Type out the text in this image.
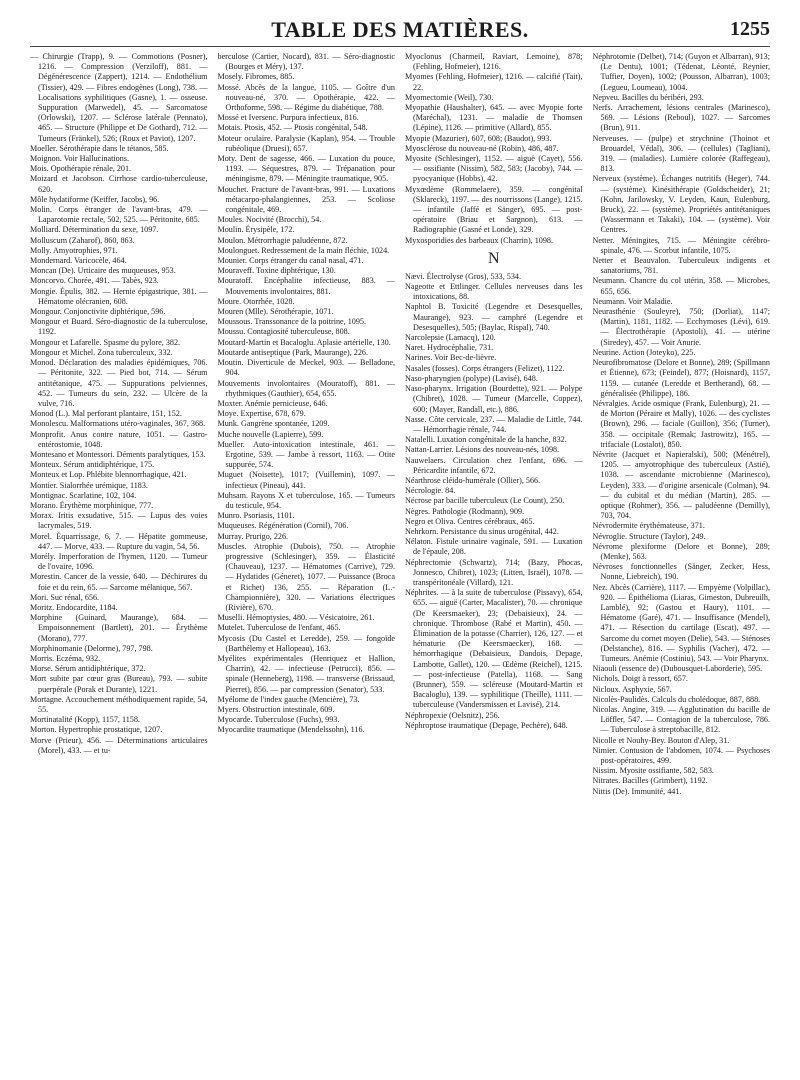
TABLE DES MATIÈRES.	1255

— Chirurgie (Trapp), 9. — Commotions (Posner), 1216. — Compression (Verziloff), 881. — Dégénérescence (Zappert), 1214. — Endothélium (Tissier), 429. — Fibres endogènes (Long), 738. — Localisations syphilitiques (Gasne), 1. — osseuse. Suppuration (Marwedel), 45. — Sarcomatose (Orlowski), 1207. — Sclérose latérale (Pennato), 465. — Structure (Philippe et De Gothard), 712. — Tumeurs (Fränkel), 526; (Roux et Paviot), 1207.

Moeller. Sérothérapie dans le tétanos, 585.

Moignon. Voir Hallucinations.

Mois. Opothérapie rénale, 201.

Moizard et Jacobson. Cirrhose cardio-tuberculeuse, 620.

Môle hydatiforme (Keiffer, Jacobs), 96.

Molin. Corps étranger de l'avant-bras, 479. — Laparotomie rectale, 502, 525. — Péritonite, 685.

Molliard. Détermination du sexe, 1097.

Molluscum (Zaharof), 860, 863.

Molly. Amyotrophies, 971.

Mondernard. Varicocèle, 464.

Moncan (De). Urticaire des muqueuses, 953.

Moncorvo. Chorée, 491. — Tabès, 923.

Mongie. Épulis, 382. — Hernie épigastrique, 381. — Hématome olécranien, 608.

Mongour. Conjonctivite diphtérique, 596.

Mongour et Buard. Séro-diagnostic de la tuberculose, 1192.

Mongour et Lafarelle. Spasme du pylore, 382.

Mongour et Michel. Zona tuberculeux, 332.

Monod. Déclaration des maladies épidémiques, 706. — Péritonite, 322. — Pied bot, 714. — Sérum antitétanique, 475. — Suppurations pelviennes, 452. — Tumeurs du sein, 232. — Ulcère de la vulve, 716.

Monod (L.). Mal perforant plantaire, 151, 152.

Monolescu. Malformations utéro-vaginales, 367, 368.

Monprofit. Anus contre nature, 1051. — Gastro-entérostomie, 1048.

Montesano et Montessori. Déments paralytiques, 153.

Monteux. Sérum antidiphtérique, 175.

Monteux et Lop. Phlébite blennorrhagique, 421.

Montier. Sialorrhée urémique, 1183.

Montignac. Scarlatine, 102, 104.

Morano. Érythème morphinique, 777.

Morax. Iritis exsudative, 515. — Lupus des voies lacrymales, 519.

Morel. Équarrissage, 6, 7. — Hépatite gommeuse, 447. — Morve, 433. — Rupture du vagin, 54, 56.

Morély. Imperforation de l'hymen, 1120. — Tumeur de l'ovaire, 1096.

Morestin. Cancer de la vessie, 640. — Déchirures du foie et du rein, 65. — Sarcome mélanique, 567.

Mori. Suc rénal, 656.

Moritz. Endocardite, 1184.

Morphine (Guinard, Maurange), 684. — Empoisonnement (Bartlett), 201. — Érythème (Morano), 777.

Morphinomanie (Delorme), 797, 798.

Morris. Eczéma, 932.

Morse. Sérum antidiphtérique, 372.

Mort subite par cœur gras (Bureau), 793. — subite puerpérale (Porak et Durante), 1221.

Mortagne. Accouchement méthodiquement rapide, 54, 55.

Mortinatalité (Kopp), 1157, 1158.

Morton. Hypertrophie prostatique, 1207.

Morve (Prieur), 456. — Déterminations articulaires (Morel), 433. — et tu-

berculose (Cartier, Nocard), 831. — Séro-diagnostic (Bourges et Méry), 137.

Mosely. Fibromes, 885.

Mossé. Abcès de la langue, 1105. — Goître d'un nouveau-né, 370. — Opothérapie, 422. — Orthoforme, 598. — Régime du diabétique, 788.

Mossé et Iversenc. Purpura infectieux, 816.

Motais. Ptosis, 452. — Ptosis congénital, 548.

Moteur oculaire. Paralysie (Kaplan), 954. — Trouble rubéolique (Druesi), 657.

Moty. Dent de sagesse, 466. — Luxation du pouce, 1193. — Séquestres, 879. — Trépanation pour méningisme, 879. — Méningite traumatique, 905.

Mouchet. Fracture de l'avant-bras, 991. — Luxations métacarpo-phalangiennes, 253. — Scoliose congénitale, 469.

Moules. Nocivité (Brocchi), 54.

Moulin. Érysipèle, 172.

Moulon. Métrorrhagie paludéenne, 872.

Moulonguet. Redressement de la main fléchie, 1024.

Mounier. Corps étranger du canal nasal, 471.

Mouraveff. Toxine diphtérique, 130.

Mouratoff. Encéphalite infectieuse, 883. — Mouvements involontaires, 881.

Moure. Otorrhée, 1028.

Mouren (Mlle). Sérothérapie, 1071.

Moussous. Transsonance de la poitrine, 1095.

Moussu. Contagiosité tuberculeuse, 808.

Moutard-Martin et Bacaloglu. Aplasie artérielle, 130.

Moutarde antiseptique (Park, Maurange), 226.

Moutin. Diverticule de Meckel, 903. — Belladone, 904.

Mouvements involontaires (Mouratoff), 881. — rhythmiques (Gauthier), 654, 655.

Moxter. Anémie pernicieuse, 646.

Moye. Expertise, 678, 679.

Munk. Gangrène spontanée, 1209.

Muche nouvelle (Lapierre), 599.

Mueller. Auto-intoxication intestinale, 461. — Ergotine, 539. — Jambe à ressort, 1163. — Otite suppurée, 574.

Muguet (Noisette), 1017; (Vuillemin), 1097. — infectieux (Pineau), 441.

Muhsam. Rayons X et tuberculose, 165. — Tumeurs du testicule, 954.

Munro. Psoriasis, 1101.

Muqueuses. Régénération (Cornil), 706.

Murray. Prurigo, 226.

Muscles. Atrophie (Dubois), 750. — Atrophie progressive (Schlesinger), 359. — Élasticité (Chauveau), 1237. — Hématomes (Carrive), 729. — Hydatides (Géneret), 1077. — Puissance (Broca et Richet) 136, 255. — Réparation (L.-Championnière), 320. — Variations électriques (Rivière), 670.

Muselli. Hémoptysies, 480. — Vésicatoire, 261.

Mutelet. Tuberculose de l'enfant, 465.

Mycosis (Du Castel et Leredde), 259. — fongoïde (Barthélemy et Hallopeau), 163.

Myélites expérimentales (Henriquez et Hallion, Charrin), 42. — infectieuse (Petrucci), 856. — spinale (Henneberg), 1198. — transverse (Brissaud, Pierret), 856. — par compression (Senator), 533.

Myélome de l'index gauche (Mencière), 73.

Myers. Obstruction intestinale, 609.

Myocarde. Tuberculose (Fuchs), 993.

Myocardite traumatique (Mendelssohn), 116.

Myoclonus (Charmeil, Raviart, Lemoine), 878; (Fehling, Hofmeier), 1216.

Myomes (Fehling, Hofmeier), 1216. — calcifié (Tait), 22.

Myomectomie (Weil), 730.

Myopathie (Haushalter), 645. — avec Myopie forte (Maréchal), 1231. — maladie de Thomsen (Lépine), 1126. — primitive (Allard), 855.

Myopie (Mazurier), 607, 608; (Baudot), 993.

Myosclérose du nouveau-né (Robin), 486, 487.

Myosite (Schlesinger), 1152. — aiguë (Cayet), 556. — ossifiante (Nissim), 582, 583; (Jacoby), 744. — pyocyanique (Hobbs), 42.

Myxœdème (Rommelaere), 359. — congénital (Sklareck), 1197. — des nourrissons (Lange), 1215. — infantile (Jaffé et Sänger), 695. — post-opératoire (Briau et Sargnon), 613. — Radiographie (Gasné et Londe), 329.

Myxosporidies des barbeaux (Charrin), 1098.

N

Nævi. Électrolyse (Gros), 533, 534.

Nageotte et Ettlinger. Cellules nerveuses dans les intoxications, 88.

Naphtol B. Toxicité (Legendre et Desesquelles, Maurange), 923. — camphré (Legendre et Desesquelles), 505; (Baylac, Rispal), 740.

Narcolepsie (Lamacq), 120.

Naret. Hydrocéphalie, 731.

Narines. Voir Bec-de-lièvre.

Nasales (fosses). Corps étrangers (Felizet), 1122.

Naso-pharyngien (polype) (Lavisé), 648.

Naso-pharynx. Irrigation (Bourdette), 921. — Polype (Chibret), 1028. — Tumeur (Marcelle, Coppez), 600; (Mayer, Randall, etc.), 886.

Nasse. Côte cervicale, 237. — Maladie de Little, 744. — Hémorrhagie rénale, 744.

Natalelli. Luxation congénitale de la hanche, 832.

Nattan-Larrier. Lésions des nouveau-nés, 1098.

Nauwelaers. Circulation chez l'enfant, 696. — Péricardite infantile, 672.

Néarthrose cléido-humérale (Ollier), 566.

Nécrologie. 84.

Nécrose par bacille tuberculeux (Le Count), 250.

Nègres. Pathologie (Rodmann), 909.

Negro et Oliva. Centres cérébraux, 465.

Nehrkorn. Persistance du sinus urogénital, 442.

Nélaton. Fistule urinaire vaginale, 591. — Luxation de l'épaule, 208.

Néphrectomie (Schwartz), 714; (Bazy, Phocas, Jonnesco, Chibret), 1023; (Litten, Israël), 1078. — transpéritonéale (Villard), 121.

Néphrites. — à la suite de tuberculose (Pissavy), 654, 655. — aiguë (Carter, Macalister), 70. — chronique (De Keersmaeker), 23; (Debaisieux), 24. — chronique. Thrombose (Rabé et Martin), 450. — Élimination de la potasse (Charrier), 126, 127. — et hématurie (De Keersmaecker), 168. — hémorrhagique (Debaisieux, Dandois, Depage, Lambotte, Gallet), 120. — Œdème (Reichel), 1215. — post-infectieuse (Patella), 1168. — Sang (Brunner), 559. — scléreuse (Moutard-Martin et Bacaloglu), 139. — syphilitique (Theille), 1111. — tuberculeuse (Vandersmissen et Lavisé), 214.

Néphropexie (Oelsnitz), 256.

Néphroptose traumatique (Depage, Pechère), 648.

Néphrotomie (Delbet), 714; (Guyon et Albarran), 913; (Le Dentu), 1001; (Tédenat, Léonté, Reynier, Tuffier, Doyen), 1002; (Pousson, Albarran), 1003; (Legueu, Loumeau), 1004.

Nepveu. Bacilles du béribéri, 293.

Nerfs. Arrachement, lésions centrales (Marinesco), 569. — Lésions (Reboul), 1027. — Sarcomes (Brun), 911.

Nerveuses. — (pulpe) et strychnine (Thoinot et Brouardel, Védal), 306. — (cellules) (Tagliani), 319. — (maladies). Lumière colorée (Raffegeau), 813.

Nerveux (système). Échanges nutritifs (Heger), 744. — (système). Kinésithérapie (Goldscheider), 21; (Kohn, Jarilowsky, V. Leyden, Kaun, Eulenburg, Bruck), 22. — (système). Propriétés antitétaniques (Wassermann et Takaki), 104. — (système). Voir Centres.

Netter. Méningites, 715. — Méningite cérébro-spinale, 476. — Scorbut infantile, 1075.

Netter et Beauvalon. Tuberculeux indigents et sanatoriums, 781.

Neumann. Chancre du col utérin, 358. — Microbes, 655, 656.

Neumann. Voir Maladie.

Neurasthénie (Souleyre), 750; (Dorliat), 1147; (Martin), 1181, 1182. — Ecchymoses (Lévi), 619. — Électrothérapie (Apostoli), 41. — utérine (Siredey), 457. — Voir Anurie.

Neurine. Action (Joteyko), 225.

Neurofibromatose (Delore et Bonne), 289; (Spillmann et Étienne), 673; (Feindel), 877; (Hoisnard), 1157, 1159. — cutanée (Leredde et Bertherand), 68. — généralisée (Philippe), 186.

Névralgies. Acide osmique (Frank, Eulenburg), 21. — de Morton (Péraire et Mally), 1026. — des cyclistes (Brown), 296. — faciale (Guillon), 356; (Turner), 358. — occipitale (Remak; Jastrowitz), 165. — trifaciale (Lostalot), 850.

Névrite (Jacquet et Napieralski), 500; (Ménétrel), 1205. — amyotrophique des tuberculeux (Astié), 1038. — ascendante microbienne (Marinesco), Leyden), 333. — d'origine arsenicale (Colman), 94. — du cubital et du médian (Martin), 285. — optique (Rohmer), 356. — paludéenne (Demilly), 703, 704.

Névrodermite érythémateuse, 371.

Névroglie. Structure (Taylor), 249.

Névrome plexiforme (Delore et Bonne), 289; (Menke), 563.

Névroses fonctionnelles (Sänger, Zecker, Hess, Nonne, Liebreich), 190.

Nez. Abcès (Carrière), 1117. — Empyème (Volpillac), 920. — Épithélioma (Liaras, Gimeston, Dubreuilh, Lamblé), 92; (Gastou et Haury), 1101. — Hématome (Garé), 471. — Insuffisance (Mendel), 471. — Résection du cartilage (Escat), 497. — Sarcome du cornet moyen (Delie), 543. — Sténoses (Delstanche), 816. — Syphilis (Vacher), 472. — Tumeurs. Anémie (Costiniu), 543. — Voir Pharynx.

Niaouli (essence de) (Dubousquet-Laborderie), 595.

Nichols. Doigt à ressort, 657.

Nicloux. Asphyxie, 567.

Nicolès-Paulidès. Calculs du cholédoque, 887, 888.

Nicolas. Angine, 319. — Agglutination du bacille de Löffler, 547. — Contagion de la tuberculose, 786. — Tuberculose à streptobacille, 812.

Nicolle et Nouhy-Bey. Bouton d'Alep, 31.

Nimier. Contusion de l'abdomen, 1074. — Psychoses post-opératoires, 499.

Nissim. Myosite ossifiante, 582, 583.

Nitrates. Bacilles (Grimbert), 1192.

Nittis (De). Immunité, 441.
